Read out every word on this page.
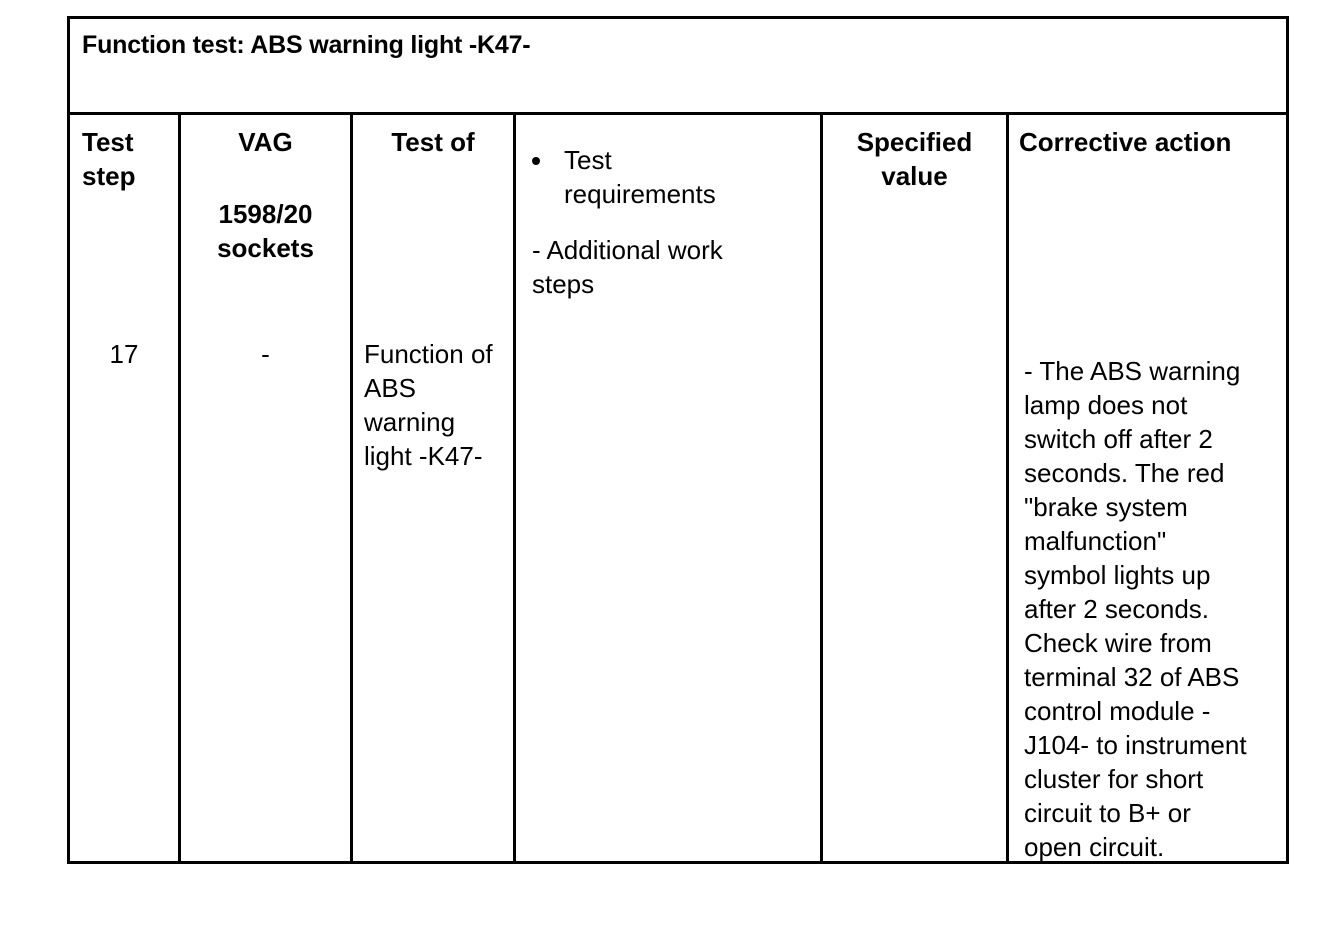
Function test: ABS warning light -K47-
Test
step
17
VAG
1598/20
sockets
-
Test of
Function of
ABS
warning
light -K47-
Test
requirements
- Additional work
steps
Specified
value
Corrective action
- The ABS warning
lamp does not
switch off after 2
seconds. The red
"brake system
malfunction"
symbol lights up
after 2 seconds.
Check wire from
terminal 32 of ABS
control module -
J104- to instrument
cluster for short
circuit to B+ or
open circuit.
